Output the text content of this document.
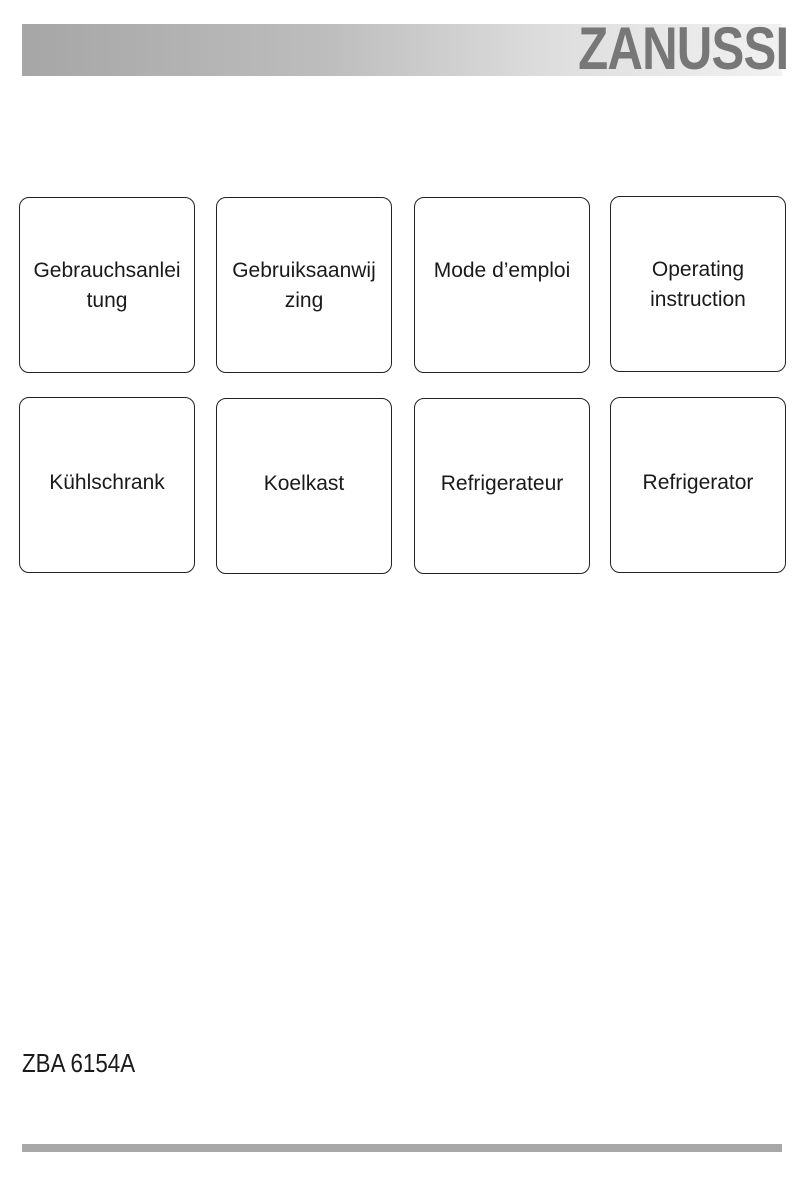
ZANUSSI
Gebrauchsanlei
tung
Gebruiksaanwij
zing
Mode d’emploi	Operating
instruction
Kühlschrank	Koelkast	Refrigerateur	Refrigerator
ZBA 6154A
